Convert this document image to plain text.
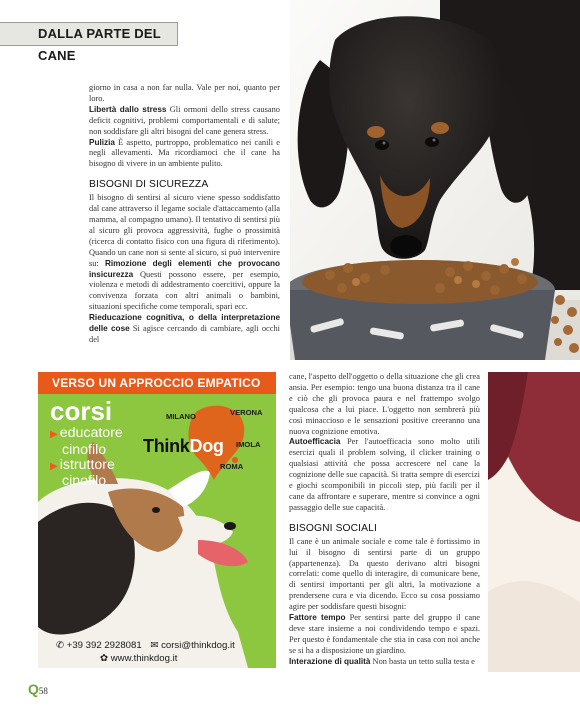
DALLA PARTE DEL CANE

giorno in casa a non far nulla. Vale per noi, quanto per loro.

Libertà dallo stress Gli ormoni dello stress causano deficit cognitivi, problemi comportamentali e di salute; non soddisfare gli altri bisogni del cane genera stress.

Pulizia È aspetto, purtroppo, problematico nei canili e negli allevamenti. Ma ricordiamoci che il cane ha bisogno di vivere in un ambiente pulito.

BISOGNI DI SICUREZZA

Il bisogno di sentirsi al sicuro viene spesso soddisfatto dal cane attraverso il legame sociale d'attaccamento (alla mamma, al compagno umano). Il tentativo di sentirsi più al sicuro gli provoca aggressività, fughe o prossimità (ricerca di contatto fisico con una figura di riferimento). Quando un cane non si sente al sicuro, si può intervenire su: Rimozione degli elementi che provocano insicurezza Questi possono essere, per esempio, violenza e metodi di addestramento coercitivi, oppure la convivenza forzata con altri animali o bambini, situazioni specifiche come temporali, spari ecc.

Rieducazione cognitiva, o della interpretazione delle cose Si agisce cercando di cambiare, agli occhi del

cane, l'aspetto dell'oggetto o della situazione che gli crea ansia. Per esempio: tengo una buona distanza tra il cane e ciò che gli provoca paura e nel frattempo svolgo qualcosa che a lui piace. L'oggetto non sembrerà più così minaccioso e le sensazioni positive creeranno una nuova cognizione emotiva.

Autoefficacia Per l'autoefficacia sono molto utili esercizi quali il problem solving, il clicker training o qualsiasi attività che possa accrescere nel cane la cognizione delle sue capacità. Si tratta sempre di esercizi e giochi scomponibili in piccoli step, più facili per il cane da affrontare e superare, mentre si convince a ogni passaggio delle sue capacità.

BISOGNI SOCIALI

Il cane è un animale sociale e come tale è fortissimo in lui il bisogno di sentirsi parte di un gruppo (appartenenza). Da questo derivano altri bisogni correlati: come quello di interagire, di comunicare bene, di sentirsi importanti per gli altri, la motivazione a prendersene cura e via dicendo. Ecco su cosa possiamo agire per soddisfare questi bisogni:

Fattore tempo Per sentirsi parte del gruppo il cane deve stare insieme a noi condividendo tempo e spazi. Per questo è fondamentale che stia in casa con noi anche se si ha a disposizione un giardino.

Interazione di qualità Non basta un tetto sulla testa e

VERSO UN APPROCCIO EMPATICO
corsi
▶ educatore
cinofilo
▶ istruttore
cinofilo
MILANO	VERONA
IMOLA
ROMA
ThinkDog
✆ +39 392 2928081 ✉ corsi@thinkdog.it
✿ www.thinkdog.it
Q58
